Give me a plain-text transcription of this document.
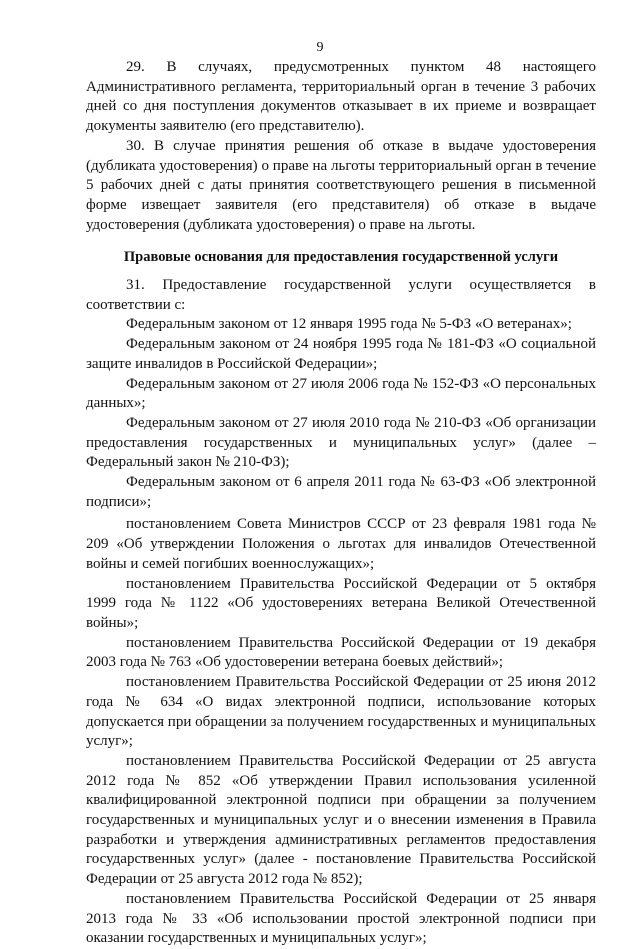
9

29. В случаях, предусмотренных пунктом 48 настоящего Административного регламента, территориальный орган в течение 3 рабочих дней со дня поступления документов отказывает в их приеме и возвращает документы заявителю (его представителю).

30. В случае принятия решения об отказе в выдаче удостоверения (дубликата удостоверения) о праве на льготы территориальный орган в течение 5 рабочих дней с даты принятия соответствующего решения в письменной форме извещает заявителя (его представителя) об отказе в выдаче удостоверения (дубликата удостоверения) о праве на льготы.

Правовые основания для предоставления государственной услуги

31. Предоставление государственной услуги осуществляется в соответствии с:

Федеральным законом от 12 января 1995 года № 5-ФЗ «О ветеранах»;

Федеральным законом от 24 ноября 1995 года № 181-ФЗ «О социальной защите инвалидов в Российской Федерации»;

Федеральным законом от 27 июля 2006 года № 152-ФЗ «О персональных данных»;

Федеральным законом от 27 июля 2010 года № 210-ФЗ «Об организации предоставления государственных и муниципальных услуг» (далее – Федеральный закон № 210-ФЗ);

Федеральным законом от 6 апреля 2011 года № 63-ФЗ «Об электронной подписи»;

постановлением Совета Министров СССР от 23 февраля 1981 года № 209 «Об утверждении Положения о льготах для инвалидов Отечественной войны и семей погибших военнослужащих»;

постановлением Правительства Российской Федерации от 5 октября 1999 года № 1122 «Об удостоверениях ветерана Великой Отечественной войны»;

постановлением Правительства Российской Федерации от 19 декабря 2003 года № 763 «Об удостоверении ветерана боевых действий»;

постановлением Правительства Российской Федерации от 25 июня 2012 года № 634 «О видах электронной подписи, использование которых допускается при обращении за получением государственных и муниципальных услуг»;

постановлением Правительства Российской Федерации от 25 августа 2012 года № 852 «Об утверждении Правил использования усиленной квалифицированной электронной подписи при обращении за получением государственных и муниципальных услуг и о внесении изменения в Правила разработки и утверждения административных регламентов предоставления государственных услуг» (далее - постановление Правительства Российской Федерации от 25 августа 2012 года № 852);

постановлением Правительства Российской Федерации от 25 января 2013 года № 33 «Об использовании простой электронной подписи при оказании государственных и муниципальных услуг»;
